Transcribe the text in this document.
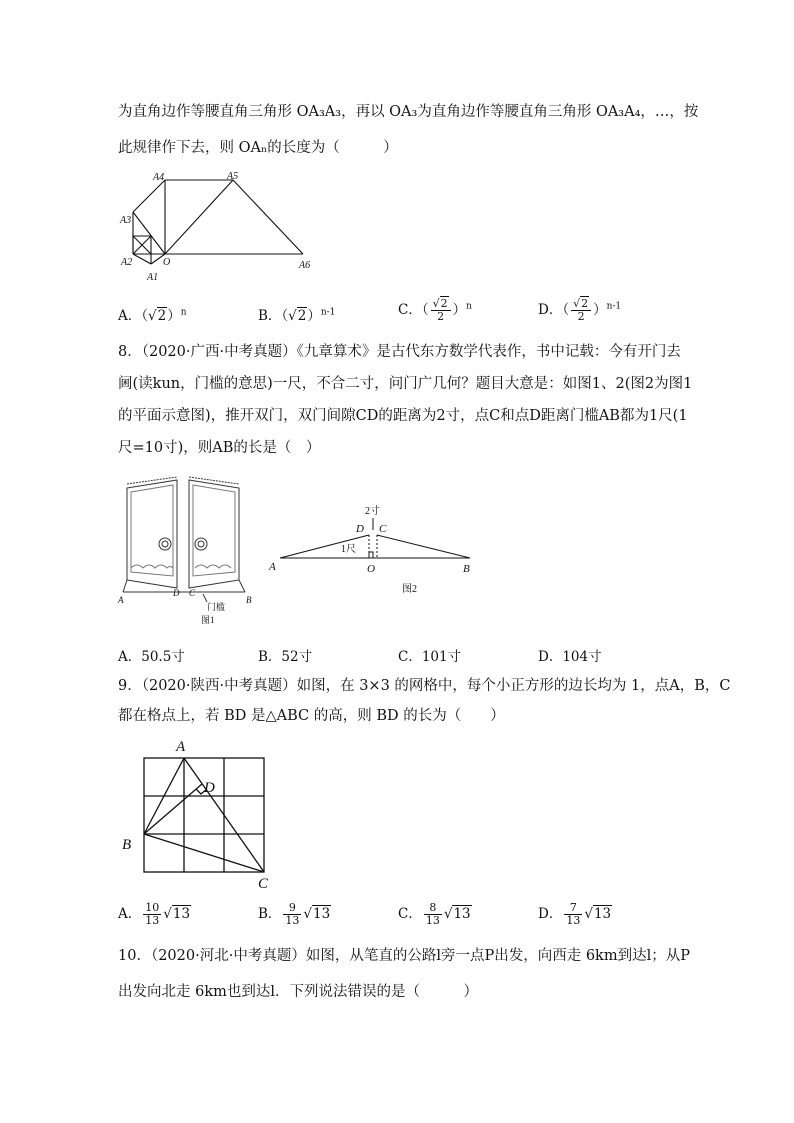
为直角边作等腰直角三角形 OA₃A₃，再以 OA₃为直角边作等腰直角三角形 OA₃A₄，…，按
此规律作下去，则 OAₙ的长度为（　　　）
A4	A5
A3
A2
A1
O	A6
A．$(√2)^n$	B．$(√2)^{n-1}$	C．（ $\frac{√2}{2} )^n$	D．（ $\frac{√2}{2} )^{n-1}$
8．（2020·广西·中考真题）《九章算术》是古代东方数学代表作，书中记载：今有开门去
阃(读kun，门槛的意思)一尺，不合二寸，问门广几何？题目大意是：如图1、2(图2为图1
的平面示意图)，推开双门，双门间隙CD的距离为2寸，点C和点D距离门槛AB都为1尺(1
尺=10寸)，则AB的长是（　）
A
D C
B
门槛
图1
2寸
1尺
图2
D C
A	O	B
A．50.5寸	B．52寸	C．101寸	D．104寸
9．（2020·陕西·中考真题）如图，在 3×3 的网格中，每个小正方形的边长均为 1，点A，B，C
都在格点上，若 BD 是△ABC 的高，则 BD 的长为（　　）
A
D
B
C
A． $\frac{10}{13} √13$	B． $\frac{9}{13} √13$	C． $\frac{8}{13} √13$	D． $\frac{7}{13} √13$
10．（2020·河北·中考真题）如图，从笔直的公路l旁一点P出发，向西走 6km到达l；从P
出发向北走 6km也到达l．下列说法错误的是（　　　）
